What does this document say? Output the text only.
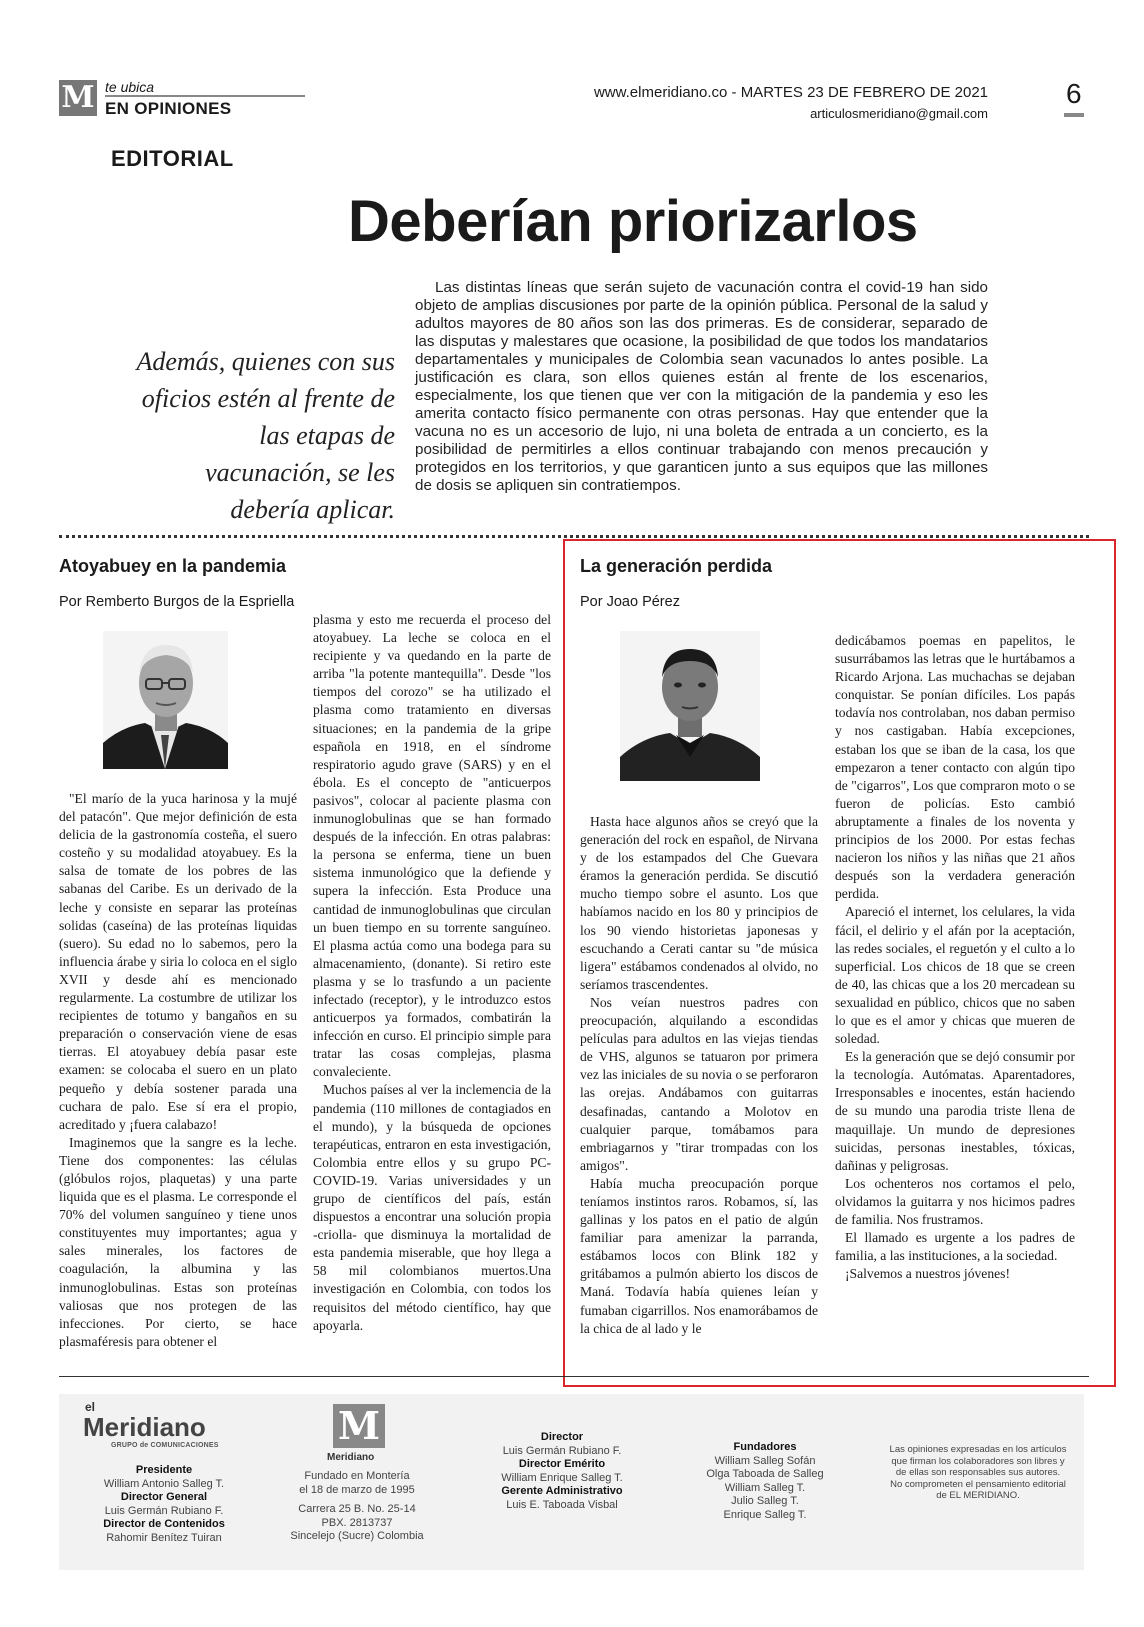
M te ubica
EN OPINIONES
www.elmeridiano.co - MARTES 23 DE FEBRERO DE 2021
articulosmeridiano@gmail.com
6
EDITORIAL
Deberían priorizarlos
Además, quienes con sus oficios estén al frente de las etapas de vacunación, se les debería aplicar.
Las distintas líneas que serán sujeto de vacunación contra el covid-19 han sido objeto de amplias discusiones por parte de la opinión pública. Personal de la salud y adultos mayores de 80 años son las dos primeras. Es de considerar, separado de las disputas y malestares que ocasione, la posibilidad de que todos los mandatarios departamentales y municipales de Colombia sean vacunados lo antes posible. La justificación es clara, son ellos quienes están al frente de los escenarios, especialmente, los que tienen que ver con la mitigación de la pandemia y eso les amerita contacto físico permanente con otras personas. Hay que entender que la vacuna no es un accesorio de lujo, ni una boleta de entrada a un concierto, es la posibilidad de permitirles a ellos continuar trabajando con menos precaución y protegidos en los territorios, y que garanticen junto a sus equipos que las millones de dosis se apliquen sin contratiempos.
Atoyabuey en la pandemia
Por Remberto Burgos de la Espriella

"El marío de la yuca harinosa y la mujé del patacón". Que mejor definición de esta delicia de la gastronomía costeña, el suero costeño y su modalidad atoyabuey. Es la salsa de tomate de los pobres de las sabanas del Caribe. Es un derivado de la leche y consiste en separar las proteínas solidas (caseína) de las proteínas liquidas (suero). Su edad no lo sabemos, pero la influencia árabe y siria lo coloca en el siglo XVII y desde ahí es mencionado regularmente. La costumbre de utilizar los recipientes de totumo y bangaños en su preparación o conservación viene de esas tierras. El atoyabuey debía pasar este examen: se colocaba el suero en un plato pequeño y debía sostener parada una cuchara de palo. Ese sí era el propio, acreditado y ¡fuera calabazo!

Imaginemos que la sangre es la leche. Tiene dos componentes: las células (glóbulos rojos, plaquetas) y una parte liquida que es el plasma. Le corresponde el 70% del volumen sanguíneo y tiene unos constituyentes muy importantes; agua y sales minerales, los factores de coagulación, la albumina y las inmunoglobulinas. Estas son proteínas valiosas que nos protegen de las infecciones. Por cierto, se hace plasmaféresis para obtener el

plasma y esto me recuerda el proceso del atoyabuey. La leche se coloca en el recipiente y va quedando en la parte de arriba "la potente mantequilla". Desde "los tiempos del corozo" se ha utilizado el plasma como tratamiento en diversas situaciones; en la pandemia de la gripe española en 1918, en el síndrome respiratorio agudo grave (SARS) y en el ébola. Es el concepto de "anticuerpos pasivos", colocar al paciente plasma con inmunoglobulinas que se han formado después de la infección. En otras palabras: la persona se enferma, tiene un buen sistema inmunológico que la defiende y supera la infección. Esta Produce una cantidad de inmunoglobulinas que circulan un buen tiempo en su torrente sanguíneo. El plasma actúa como una bodega para su almacenamiento, (donante). Si retiro este plasma y se lo trasfundo a un paciente infectado (receptor), y le introduzco estos anticuerpos ya formados, combatirán la infección en curso. El principio simple para tratar las cosas complejas, plasma convaleciente.

Muchos países al ver la inclemencia de la pandemia (110 millones de contagiados en el mundo), y la búsqueda de opciones terapéuticas, entraron en esta investigación, Colombia entre ellos y su grupo PC-COVID-19. Varias universidades y un grupo de científicos del país, están dispuestos a encontrar una solución propia -criolla- que disminuya la mortalidad de esta pandemia miserable, que hoy llega a 58 mil colombianos muertos.Una investigación en Colombia, con todos los requisitos del método científico, hay que apoyarla.

La generación perdida
Por Joao Pérez

Hasta hace algunos años se creyó que la generación del rock en español, de Nirvana y de los estampados del Che Guevara éramos la generación perdida. Se discutió mucho tiempo sobre el asunto. Los que habíamos nacido en los 80 y principios de los 90 viendo historietas japonesas y escuchando a Cerati cantar su "de música ligera" estábamos condenados al olvido, no seríamos trascendentes.

Nos veían nuestros padres con preocupación, alquilando a escondidas películas para adultos en las viejas tiendas de VHS, algunos se tatuaron por primera vez las iniciales de su novia o se perforaron las orejas. Andábamos con guitarras desafinadas, cantando a Molotov en cualquier parque, tomábamos para embriagarnos y "tirar trompadas con los amigos".

Había mucha preocupación porque teníamos instintos raros. Robamos, sí, las gallinas y los patos en el patio de algún familiar para amenizar la parranda, estábamos locos con Blink 182 y gritábamos a pulmón abierto los discos de Maná. Todavía había quienes leían y fumaban cigarrillos. Nos enamorábamos de la chica de al lado y le

dedicábamos poemas en papelitos, le susurrábamos las letras que le hurtábamos a Ricardo Arjona. Las muchachas se dejaban conquistar. Se ponían difíciles. Los papás todavía nos controlaban, nos daban permiso y nos castigaban. Había excepciones, estaban los que se iban de la casa, los que empezaron a tener contacto con algún tipo de "cigarros", Los que compraron moto o se fueron de policías. Esto cambió abruptamente a finales de los noventa y principios de los 2000. Por estas fechas nacieron los niños y las niñas que 21 años después son la verdadera generación perdida.

Apareció el internet, los celulares, la vida fácil, el delirio y el afán por la aceptación, las redes sociales, el reguetón y el culto a lo superficial. Los chicos de 18 que se creen de 40, las chicas que a los 20 mercadean su sexualidad en público, chicos que no saben lo que es el amor y chicas que mueren de soledad.

Es la generación que se dejó consumir por la tecnología. Autómatas. Aparentadores, Irresponsables e inocentes, están haciendo de su mundo una parodia triste llena de maquillaje. Un mundo de depresiones suicidas, personas inestables, tóxicas, dañinas y peligrosas.

Los ochenteros nos cortamos el pelo, olvidamos la guitarra y nos hicimos padres de familia. Nos frustramos.

El llamado es urgente a los padres de familia, a las instituciones, a la sociedad.

¡Salvemos a nuestros jóvenes!

el
Meridiano
GRUPO de COMUNICACIONES
Presidente
William Antonio Salleg T.
Director General
Luis Germán Rubiano F.
Director de Contenidos
Rahomir Benítez Tuiran
M
Meridiano
Fundado en Montería
el 18 de marzo de 1995
Carrera 25 B. No. 25-14
PBX. 2813737
Sincelejo (Sucre) Colombia
Director
Luis Germán Rubiano F.
Director Emérito
William Enrique Salleg T.
Gerente Administrativo
Luis E. Taboada Visbal
Fundadores
William Salleg Sofán
Olga Taboada de Salleg
William Salleg T.
Julio Salleg T.
Enrique Salleg T.
Las opiniones expresadas en los artículos que firman los colaboradores son libres y de ellas son responsables sus autores. No comprometen el pensamiento editorial de EL MERIDIANO.
